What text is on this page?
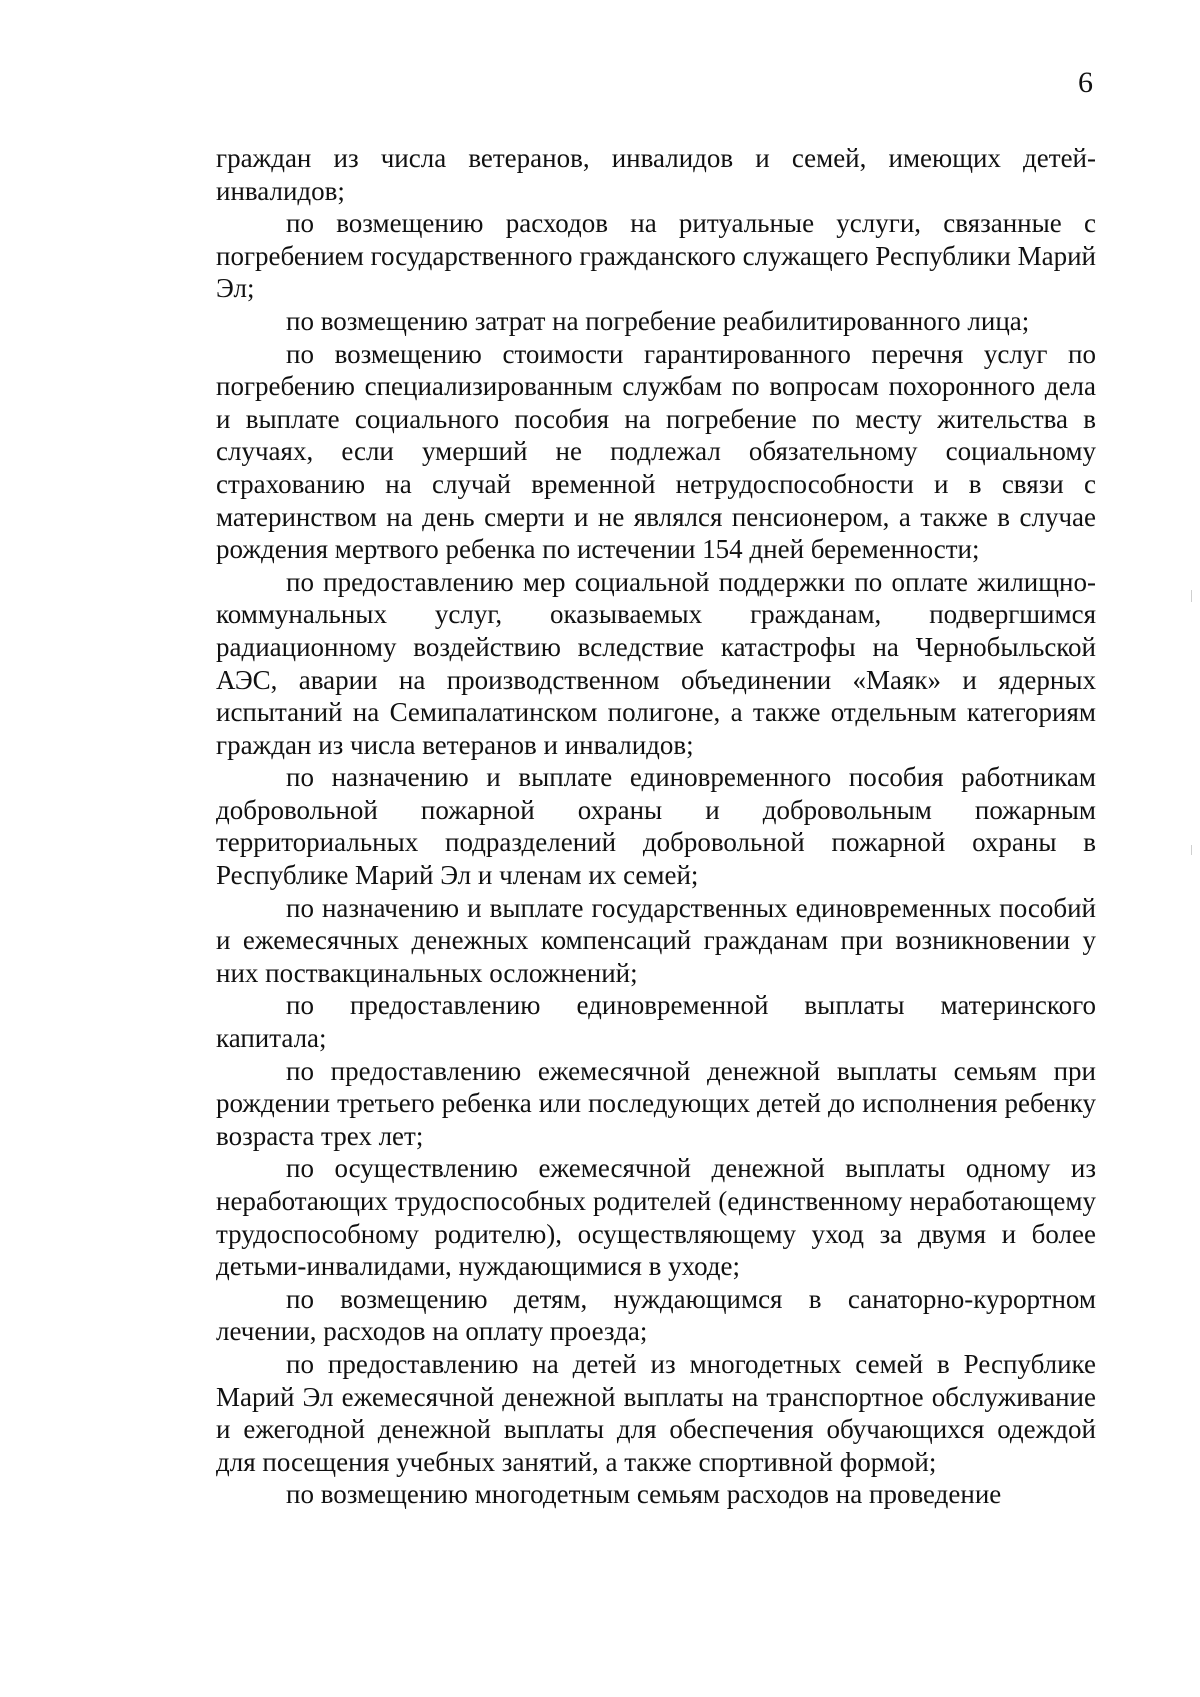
6

граждан из числа ветеранов, инвалидов и семей, имеющих детей-инвалидов;

по возмещению расходов на ритуальные услуги, связанные с погребением государственного гражданского служащего Республики Марий Эл;

по возмещению затрат на погребение реабилитированного лица;

по возмещению стоимости гарантированного перечня услуг по погребению специализированным службам по вопросам похоронного дела и выплате социального пособия на погребение по месту жительства в случаях, если умерший не подлежал обязательному социальному страхованию на случай временной нетрудоспособности и в связи с материнством на день смерти и не являлся пенсионером, а также в случае рождения мертвого ребенка по истечении 154 дней беременности;

по предоставлению мер социальной поддержки по оплате жилищно-коммунальных услуг, оказываемых гражданам, подвергшимся радиационному воздействию вследствие катастрофы на Чернобыльской АЭС, аварии на производственном объединении «Маяк» и ядерных испытаний на Семипалатинском полигоне, а также отдельным категориям граждан из числа ветеранов и инвалидов;

по назначению и выплате единовременного пособия работникам добровольной пожарной охраны и добровольным пожарным территориальных подразделений добровольной пожарной охраны в Республике Марий Эл и членам их семей;

по назначению и выплате государственных единовременных пособий и ежемесячных денежных компенсаций гражданам при возникновении у них поствакцинальных осложнений;

по предоставлению единовременной выплаты материнского капитала;

по предоставлению ежемесячной денежной выплаты семьям при рождении третьего ребенка или последующих детей до исполнения ребенку возраста трех лет;

по осуществлению ежемесячной денежной выплаты одному из неработающих трудоспособных родителей (единственному неработающему трудоспособному родителю), осуществляющему уход за двумя и более детьми-инвалидами, нуждающимися в уходе;

по возмещению детям, нуждающимся в санаторно-курортном лечении, расходов на оплату проезда;

по предоставлению на детей из многодетных семей в Республике Марий Эл ежемесячной денежной выплаты на транспортное обслуживание и ежегодной денежной выплаты для обеспечения обучающихся одеждой для посещения учебных занятий, а также спортивной формой;

по возмещению многодетным семьям расходов на проведение
